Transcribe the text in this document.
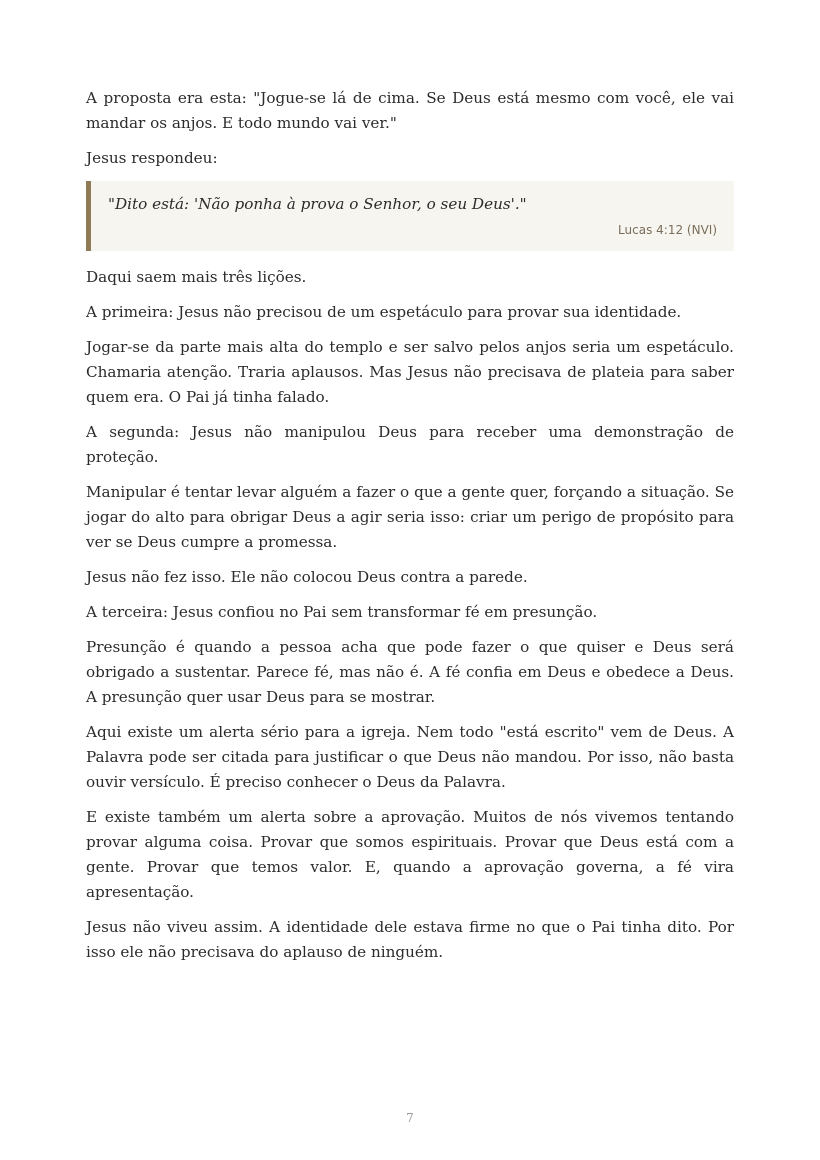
A proposta era esta: "Jogue-se lá de cima. Se Deus está mesmo com você, ele vai mandar os anjos. E todo mundo vai ver."

Jesus respondeu:

"Dito está: 'Não ponha à prova o Senhor, o seu Deus'."

Lucas 4:12 (NVI)

Daqui saem mais três lições.

A primeira: Jesus não precisou de um espetáculo para provar sua identidade.

Jogar-se da parte mais alta do templo e ser salvo pelos anjos seria um espetáculo. Chamaria atenção. Traria aplausos. Mas Jesus não precisava de plateia para saber quem era. O Pai já tinha falado.

A segunda: Jesus não manipulou Deus para receber uma demonstração de proteção.

Manipular é tentar levar alguém a fazer o que a gente quer, forçando a situação. Se jogar do alto para obrigar Deus a agir seria isso: criar um perigo de propósito para ver se Deus cumpre a promessa.

Jesus não fez isso. Ele não colocou Deus contra a parede.

A terceira: Jesus confiou no Pai sem transformar fé em presunção.

Presunção é quando a pessoa acha que pode fazer o que quiser e Deus será obrigado a sustentar. Parece fé, mas não é. A fé confia em Deus e obedece a Deus. A presunção quer usar Deus para se mostrar.

Aqui existe um alerta sério para a igreja. Nem todo "está escrito" vem de Deus. A Palavra pode ser citada para justificar o que Deus não mandou. Por isso, não basta ouvir versículo. É preciso conhecer o Deus da Palavra.

E existe também um alerta sobre a aprovação. Muitos de nós vivemos tentando provar alguma coisa. Provar que somos espirituais. Provar que Deus está com a gente. Provar que temos valor. E, quando a aprovação governa, a fé vira apresentação.

Jesus não viveu assim. A identidade dele estava firme no que o Pai tinha dito. Por isso ele não precisava do aplauso de ninguém.

7
